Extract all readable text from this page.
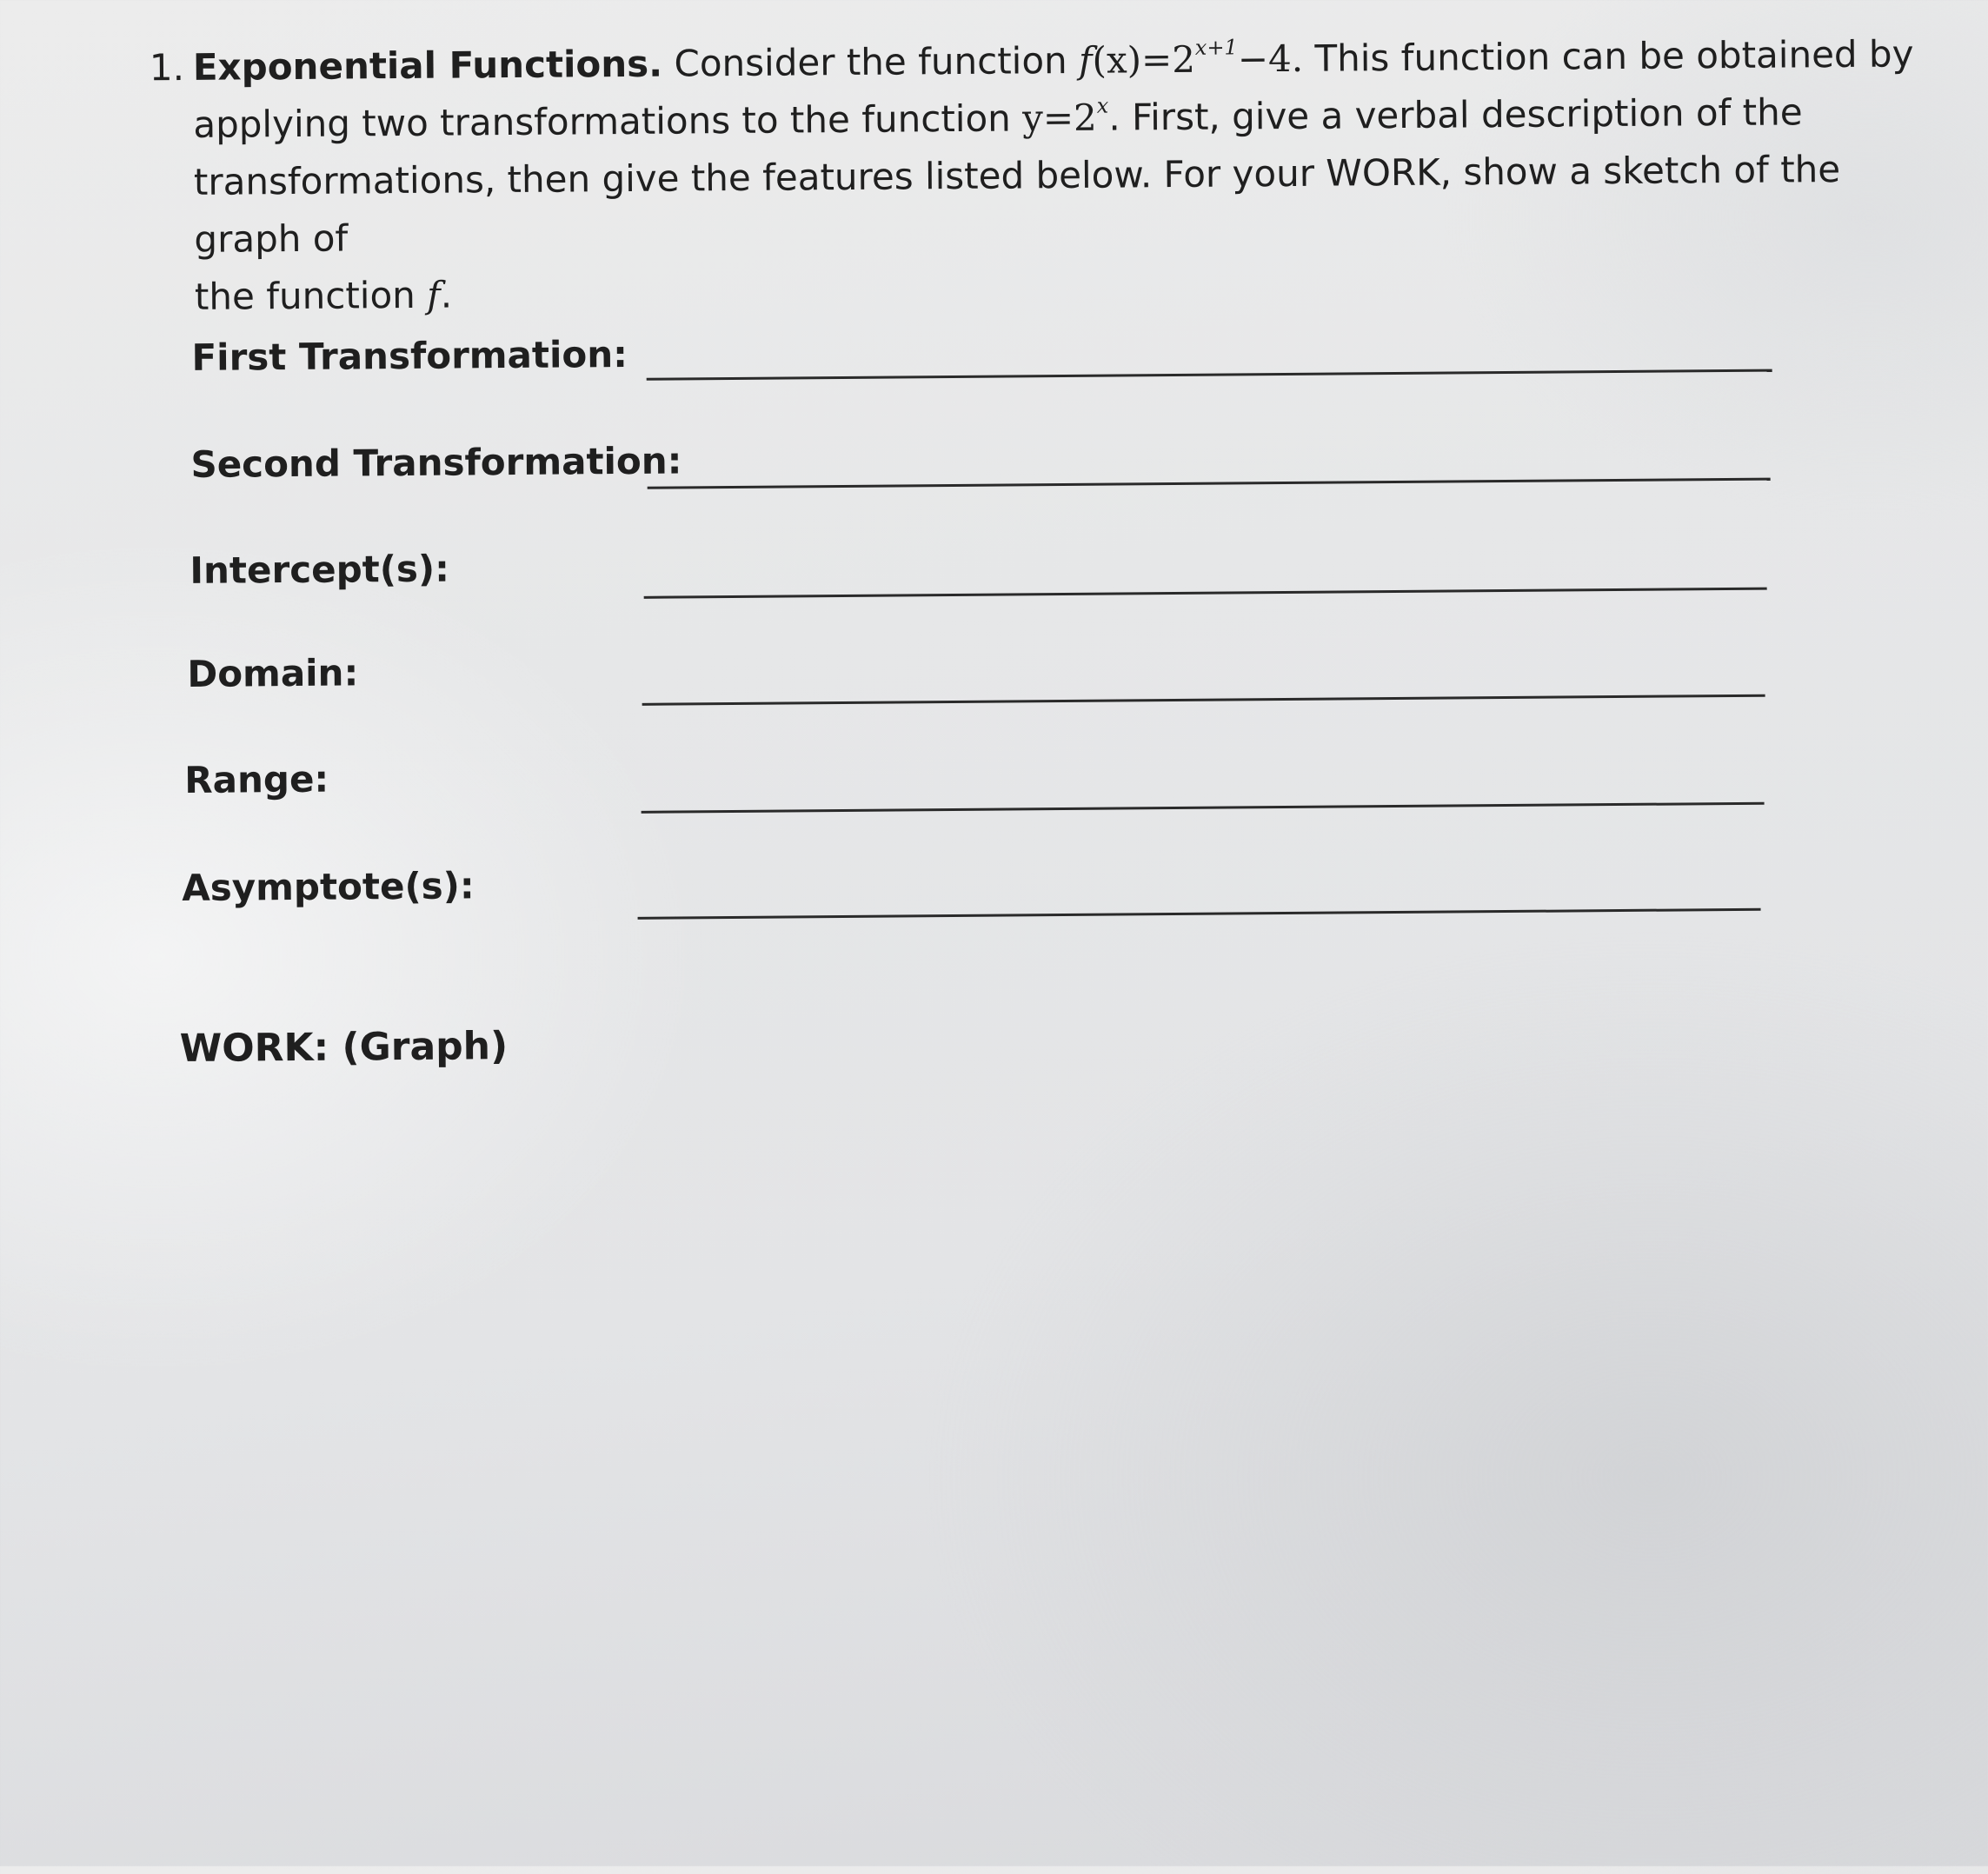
1. Exponential Functions. Consider the function $f(x)=2^{x+1}-4$. This function can be obtained by
applying two transformations to the function $y=2^x$. First, give a verbal description of the
transformations, then give the features listed below. For your WORK, show a sketch of the graph of
the function f.
First Transformation:
Second Transformation:
Intercept(s):
Domain:
Range:
Asymptote(s):
WORK: (Graph)
